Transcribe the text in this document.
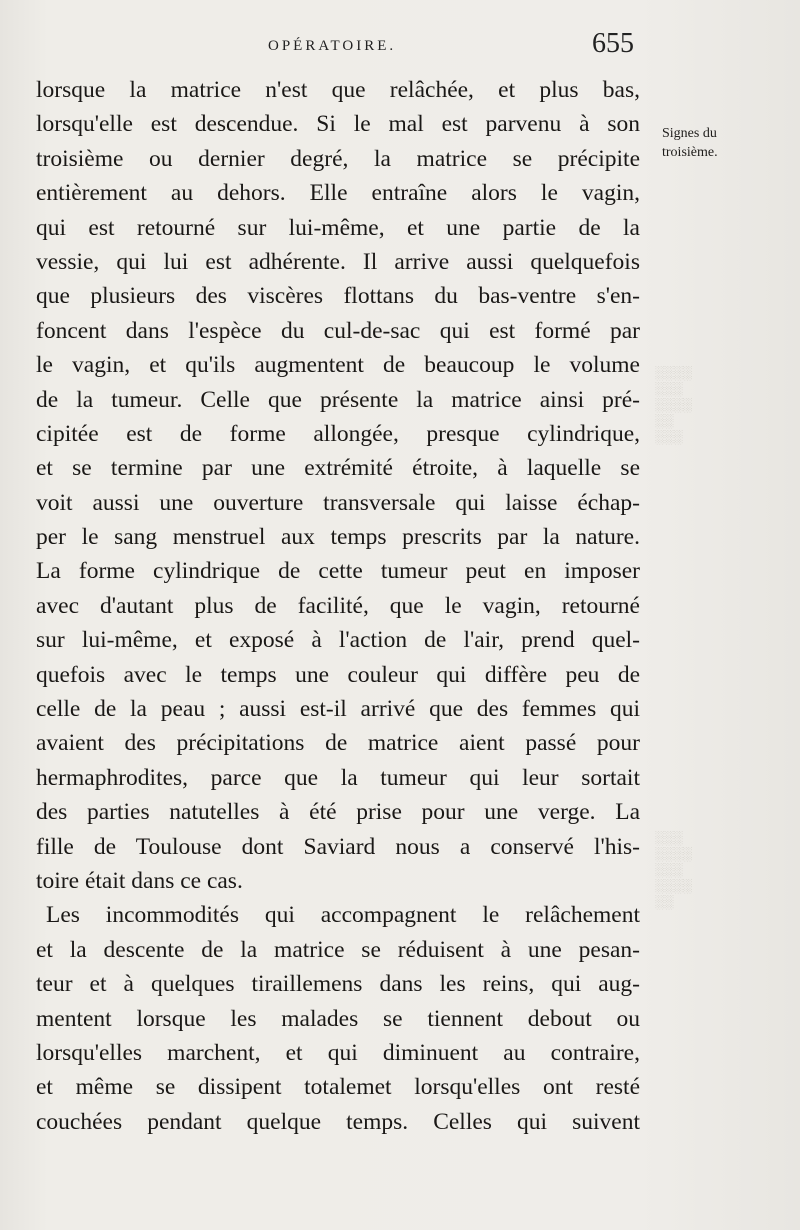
OPÉRATOIRE.	655
Signes du
troisième.
░░░░
░░░
░░░░
░░
░░░
░░░
░░░░
░░░
░░░░
░░
lorsque la matrice n'est que relâchée, et plus bas,
lorsqu'elle est descendue. Si le mal est parvenu à son
troisième ou dernier degré, la matrice se précipite
entièrement au dehors. Elle entraîne alors le vagin,
qui est retourné sur lui-même, et une partie de la
vessie, qui lui est adhérente. Il arrive aussi quelquefois
que plusieurs des viscères flottans du bas-ventre s'en-
foncent dans l'espèce du cul-de-sac qui est formé par
le vagin, et qu'ils augmentent de beaucoup le volume
de la tumeur. Celle que présente la matrice ainsi pré-
cipitée est de forme allongée, presque cylindrique,
et se termine par une extrémité étroite, à laquelle se
voit aussi une ouverture transversale qui laisse échap-
per le sang menstruel aux temps prescrits par la nature.
La forme cylindrique de cette tumeur peut en imposer
avec d'autant plus de facilité, que le vagin, retourné
sur lui-même, et exposé à l'action de l'air, prend quel-
quefois avec le temps une couleur qui diffère peu de
celle de la peau ; aussi est-il arrivé que des femmes qui
avaient des précipitations de matrice aient passé pour
hermaphrodites, parce que la tumeur qui leur sortait
des parties natutelles à été prise pour une verge. La
fille de Toulouse dont Saviard nous a conservé l'his-
toire était dans ce cas.
Les incommodités qui accompagnent le relâchement
et la descente de la matrice se réduisent à une pesan-
teur et à quelques tiraillemens dans les reins, qui aug-
mentent lorsque les malades se tiennent debout ou
lorsqu'elles marchent, et qui diminuent au contraire,
et même se dissipent totalemet lorsqu'elles ont resté
couchées pendant quelque temps. Celles qui suivent
